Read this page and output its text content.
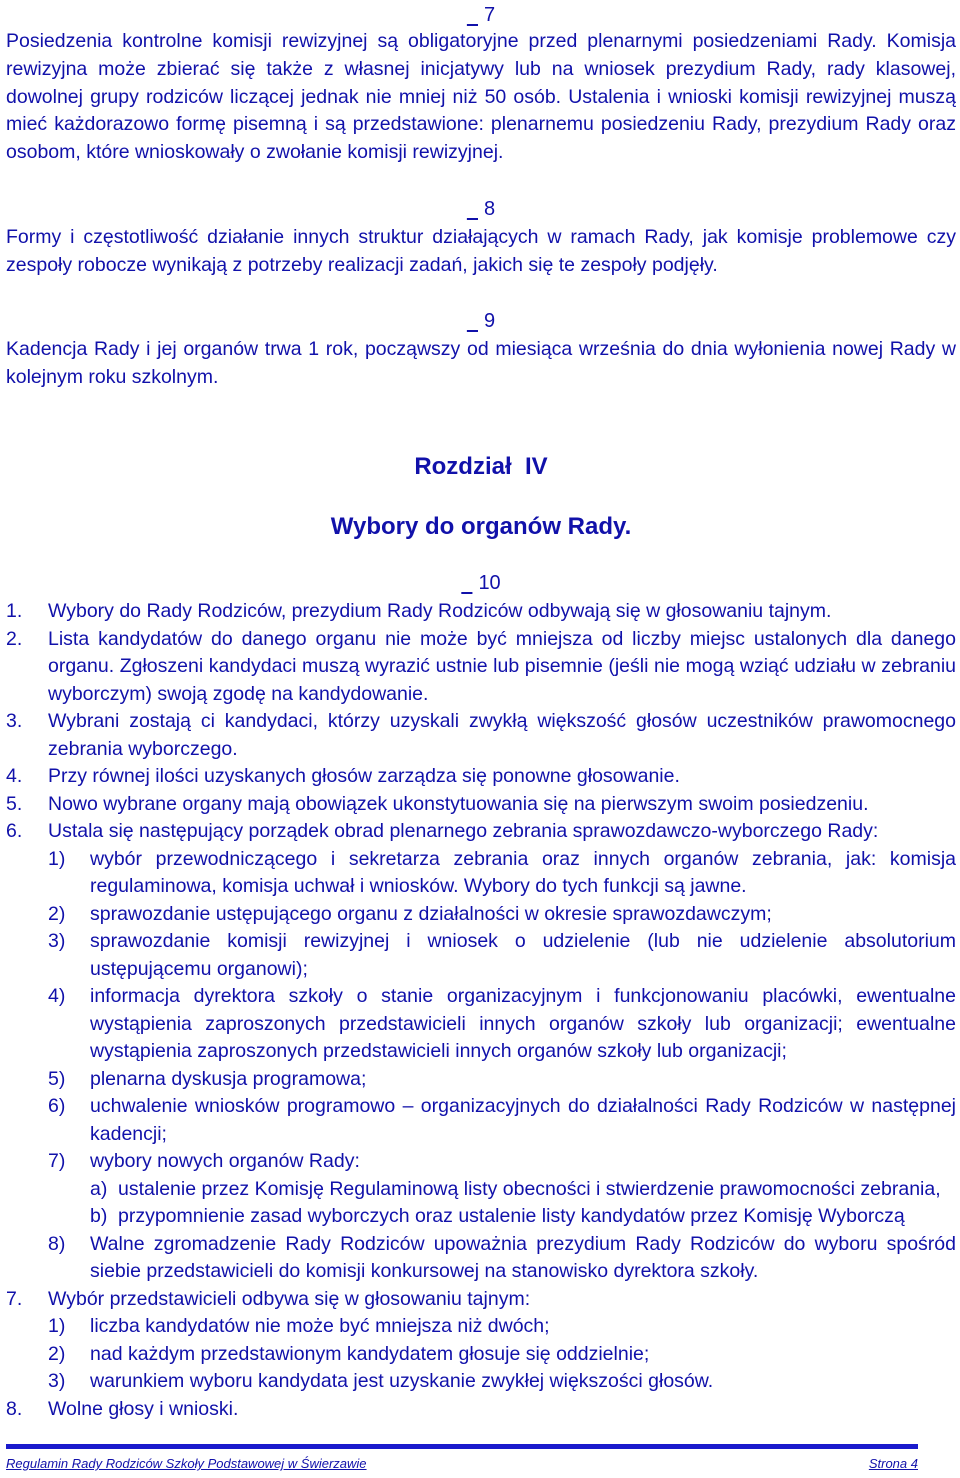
7

Posiedzenia kontrolne komisji rewizyjnej są obligatoryjne przed plenarnymi posiedzeniami Rady. Komisja rewizyjna może zbierać się także z własnej inicjatywy lub na wniosek prezydium Rady, rady klasowej, dowolnej grupy rodziców liczącej jednak nie mniej niż 50 osób. Ustalenia i wnioski komisji rewizyjnej muszą mieć każdorazowo formę pisemną i są przedstawione: plenarnemu posiedzeniu Rady, prezydium Rady oraz osobom, które wnioskowały o zwołanie komisji rewizyjnej.

8

Formy i częstotliwość działanie innych struktur działających w ramach Rady, jak komisje problemowe czy zespoły robocze wynikają z potrzeby realizacji zadań, jakich się te zespoły podjęły.

9

Kadencja Rady i jej organów trwa 1 rok, począwszy od miesiąca września do dnia wyłonienia nowej Rady w kolejnym roku szkolnym.

Rozdział  IV

Wybory do organów Rady.

10
1. Wybory do Rady Rodziców, prezydium Rady Rodziców odbywają się w głosowaniu tajnym.
2. Lista kandydatów do danego organu nie może być mniejsza od liczby miejsc ustalonych dla danego organu. Zgłoszeni kandydaci muszą wyrazić ustnie lub pisemnie (jeśli nie mogą wziąć udziału w zebraniu wyborczym) swoją zgodę na kandydowanie.
3. Wybrani zostają ci kandydaci, którzy uzyskali zwykłą większość głosów uczestników prawomocnego zebrania wyborczego.
4. Przy równej ilości uzyskanych głosów zarządza się ponowne głosowanie.
5. Nowo wybrane organy mają obowiązek ukonstytuowania się na pierwszym swoim posiedzeniu.
6. Ustala się następujący porządek obrad plenarnego zebrania sprawozdawczo-wyborczego Rady:
1) wybór przewodniczącego i sekretarza zebrania oraz innych organów zebrania, jak: komisja regulaminowa, komisja uchwał i wniosków. Wybory do tych funkcji są jawne.
2) sprawozdanie ustępującego organu z działalności w okresie sprawozdawczym;
3) sprawozdanie komisji rewizyjnej i wniosek o udzielenie (lub nie udzielenie absolutorium ustępującemu organowi);
4) informacja dyrektora szkoły o stanie organizacyjnym i funkcjonowaniu placówki, ewentualne wystąpienia zaproszonych przedstawicieli innych organów szkoły lub organizacji; ewentualne wystąpienia zaproszonych przedstawicieli innych organów szkoły lub organizacji;
5) plenarna dyskusja programowa;
6) uchwalenie wniosków programowo – organizacyjnych do działalności Rady Rodziców w następnej kadencji;
7) wybory nowych organów Rady:
a) ustalenie przez Komisję Regulaminową listy obecności i stwierdzenie prawomocności zebrania,
b) przypomnienie zasad wyborczych oraz ustalenie listy kandydatów przez Komisję Wyborczą
8) Walne zgromadzenie Rady Rodziców upoważnia prezydium Rady Rodziców do wyboru spośród siebie przedstawicieli do komisji konkursowej na stanowisko dyrektora szkoły.
7. Wybór przedstawicieli odbywa się w głosowaniu tajnym:
1) liczba kandydatów nie może być mniejsza niż dwóch;
2) nad każdym przedstawionym kandydatem głosuje się oddzielnie;
3) warunkiem wyboru kandydata jest uzyskanie zwykłej większości głosów.
8. Wolne głosy i wnioski.
Regulamin Rady Rodziców Szkoły Podstawowej w Świerzawie	Strona 4
